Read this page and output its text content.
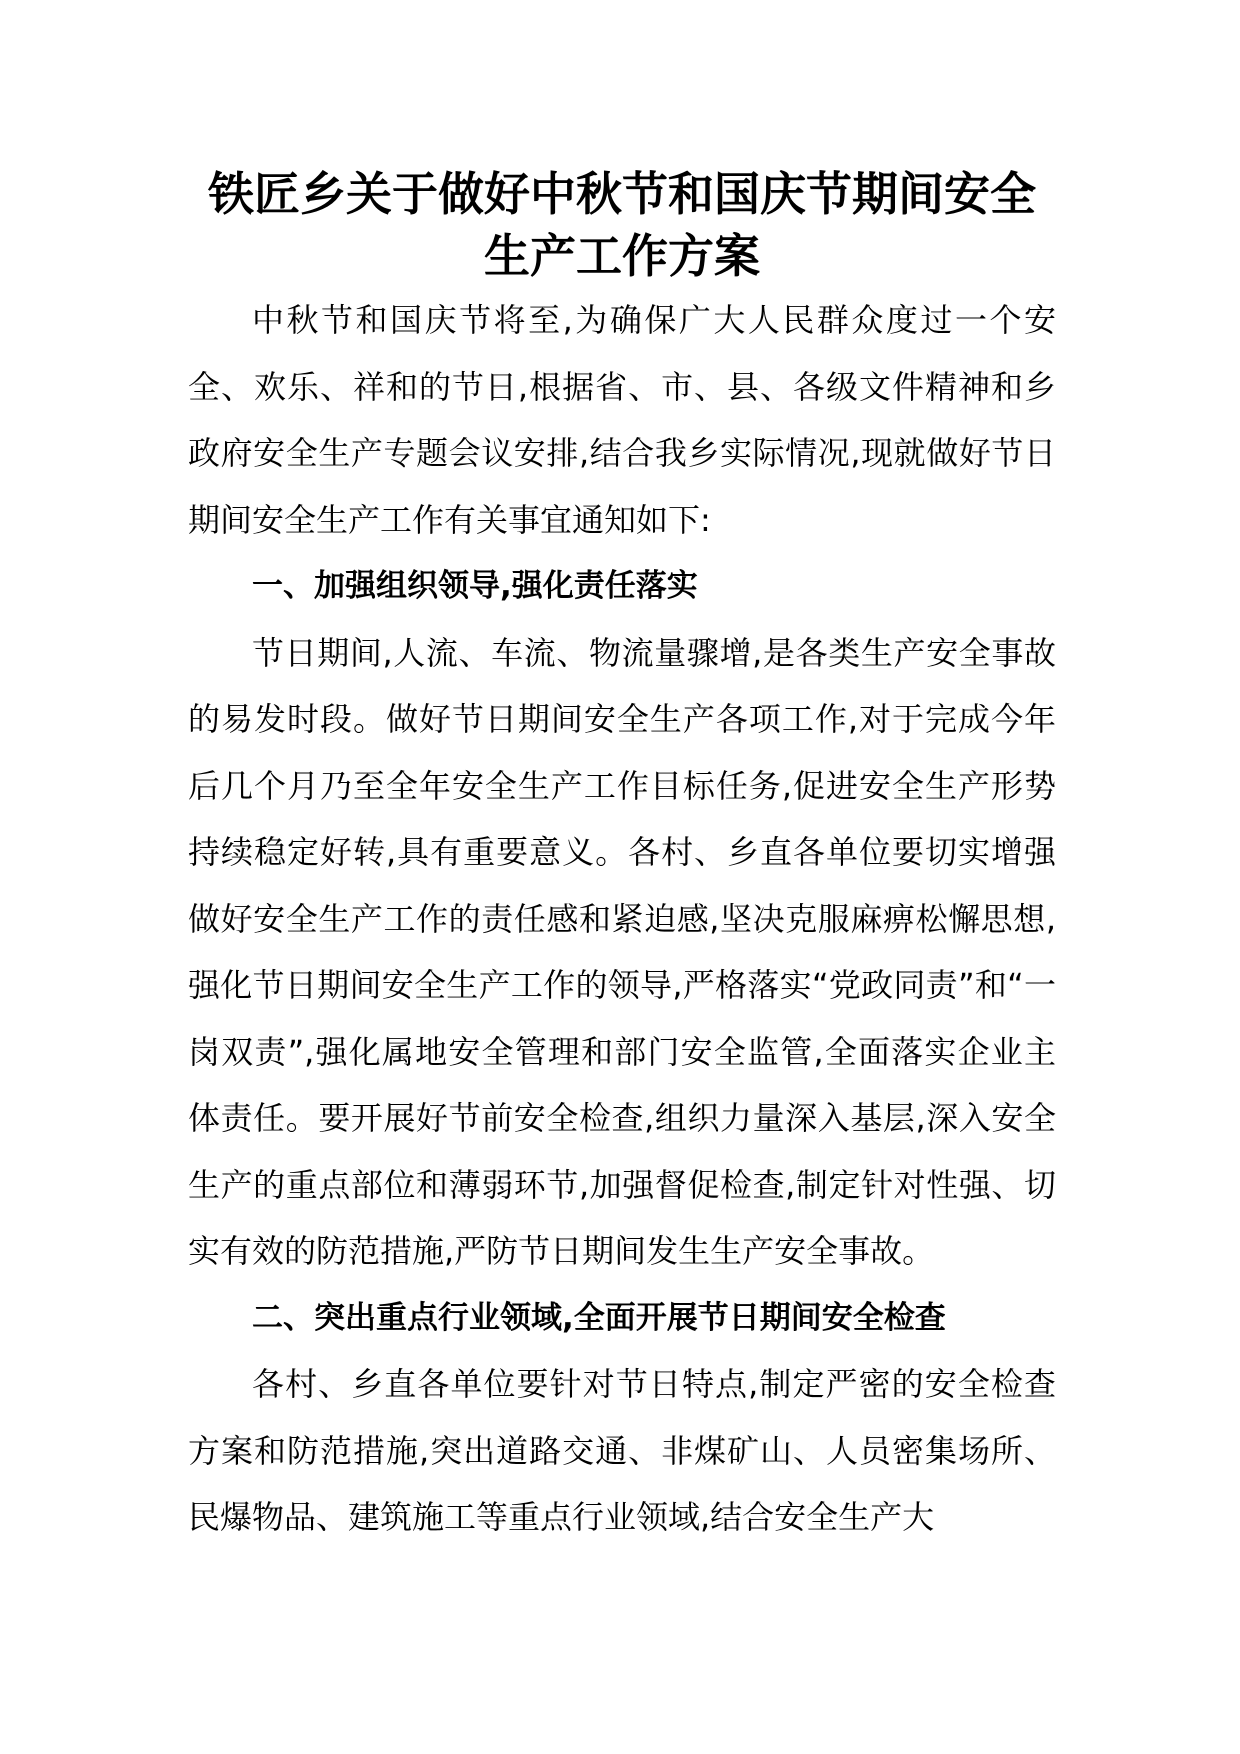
铁匠乡关于做好中秋节和国庆节期间安全
生产工作方案

中秋节和国庆节将至,为确保广大人民群众度过一个安全、欢乐、祥和的节日,根据省、市、县、各级文件精神和乡政府安全生产专题会议安排,结合我乡实际情况,现就做好节日期间安全生产工作有关事宜通知如下:

一、加强组织领导,强化责任落实

节日期间,人流、车流、物流量骤增,是各类生产安全事故的易发时段。做好节日期间安全生产各项工作,对于完成今年后几个月乃至全年安全生产工作目标任务,促进安全生产形势持续稳定好转,具有重要意义。各村、乡直各单位要切实增强做好安全生产工作的责任感和紧迫感,坚决克服麻痹松懈思想,强化节日期间安全生产工作的领导,严格落实“党政同责”和“一岗双责”,强化属地安全管理和部门安全监管,全面落实企业主体责任。要开展好节前安全检查,组织力量深入基层,深入安全生产的重点部位和薄弱环节,加强督促检查,制定针对性强、切实有效的防范措施,严防节日期间发生生产安全事故。

二、突出重点行业领域,全面开展节日期间安全检查

各村、乡直各单位要针对节日特点,制定严密的安全检查方案和防范措施,突出道路交通、非煤矿山、人员密集场所、民爆物品、建筑施工等重点行业领域,结合安全生产大
